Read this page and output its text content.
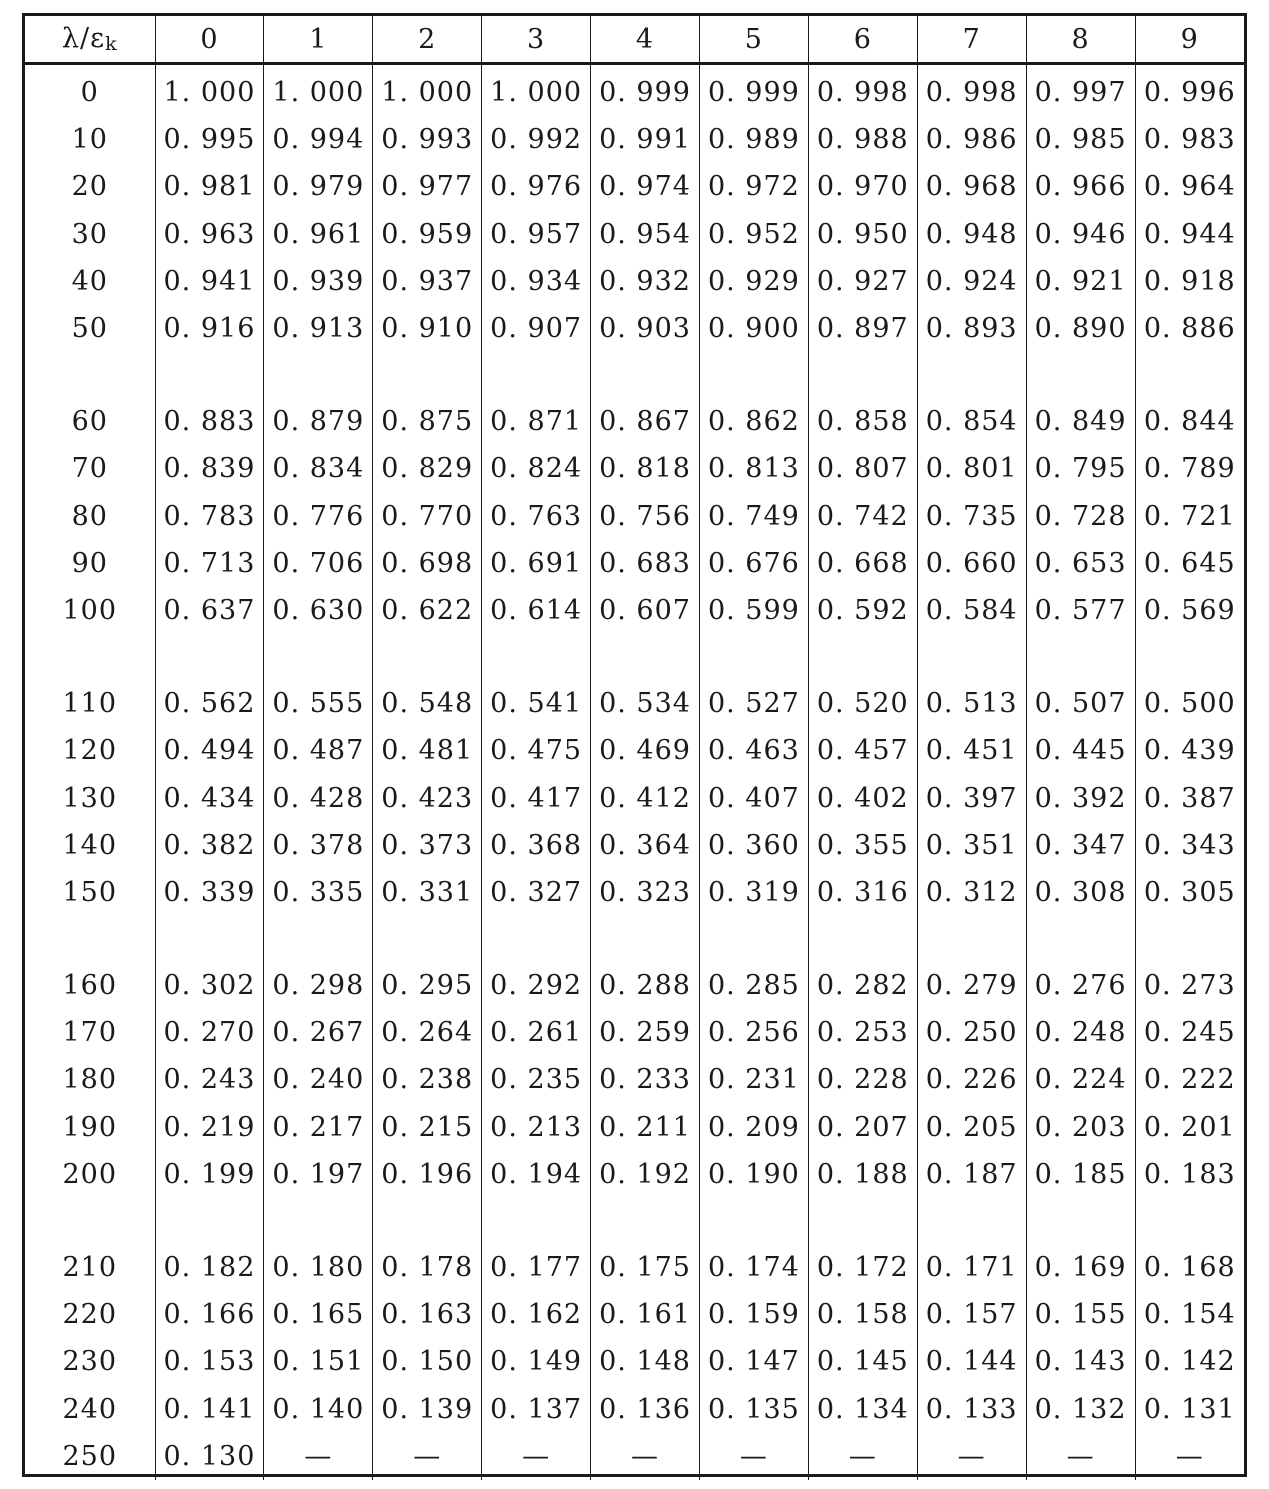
$\lambda/\varepsilon_k$	0	1	2	3	4	5	6	7	8	9
0	1. 000	1. 000	1. 000	1. 000	0. 999	0. 999	0. 998	0. 998	0. 997	0. 996
10	0. 995	0. 994	0. 993	0. 992	0. 991	0. 989	0. 988	0. 986	0. 985	0. 983
20	0. 981	0. 979	0. 977	0. 976	0. 974	0. 972	0. 970	0. 968	0. 966	0. 964
30	0. 963	0. 961	0. 959	0. 957	0. 954	0. 952	0. 950	0. 948	0. 946	0. 944
40	0. 941	0. 939	0. 937	0. 934	0. 932	0. 929	0. 927	0. 924	0. 921	0. 918
50	0. 916	0. 913	0. 910	0. 907	0. 903	0. 900	0. 897	0. 893	0. 890	0. 886

60	0. 883	0. 879	0. 875	0. 871	0. 867	0. 862	0. 858	0. 854	0. 849	0. 844
70	0. 839	0. 834	0. 829	0. 824	0. 818	0. 813	0. 807	0. 801	0. 795	0. 789
80	0. 783	0. 776	0. 770	0. 763	0. 756	0. 749	0. 742	0. 735	0. 728	0. 721
90	0. 713	0. 706	0. 698	0. 691	0. 683	0. 676	0. 668	0. 660	0. 653	0. 645
100	0. 637	0. 630	0. 622	0. 614	0. 607	0. 599	0. 592	0. 584	0. 577	0. 569

110	0. 562	0. 555	0. 548	0. 541	0. 534	0. 527	0. 520	0. 513	0. 507	0. 500
120	0. 494	0. 487	0. 481	0. 475	0. 469	0. 463	0. 457	0. 451	0. 445	0. 439
130	0. 434	0. 428	0. 423	0. 417	0. 412	0. 407	0. 402	0. 397	0. 392	0. 387
140	0. 382	0. 378	0. 373	0. 368	0. 364	0. 360	0. 355	0. 351	0. 347	0. 343
150	0. 339	0. 335	0. 331	0. 327	0. 323	0. 319	0. 316	0. 312	0. 308	0. 305

160	0. 302	0. 298	0. 295	0. 292	0. 288	0. 285	0. 282	0. 279	0. 276	0. 273
170	0. 270	0. 267	0. 264	0. 261	0. 259	0. 256	0. 253	0. 250	0. 248	0. 245
180	0. 243	0. 240	0. 238	0. 235	0. 233	0. 231	0. 228	0. 226	0. 224	0. 222
190	0. 219	0. 217	0. 215	0. 213	0. 211	0. 209	0. 207	0. 205	0. 203	0. 201
200	0. 199	0. 197	0. 196	0. 194	0. 192	0. 190	0. 188	0. 187	0. 185	0. 183

210	0. 182	0. 180	0. 178	0. 177	0. 175	0. 174	0. 172	0. 171	0. 169	0. 168
220	0. 166	0. 165	0. 163	0. 162	0. 161	0. 159	0. 158	0. 157	0. 155	0. 154
230	0. 153	0. 151	0. 150	0. 149	0. 148	0. 147	0. 145	0. 144	0. 143	0. 142
240	0. 141	0. 140	0. 139	0. 137	0. 136	0. 135	0. 134	0. 133	0. 132	0. 131
250	0. 130	—	—	—	—	—	—	—	—	—
